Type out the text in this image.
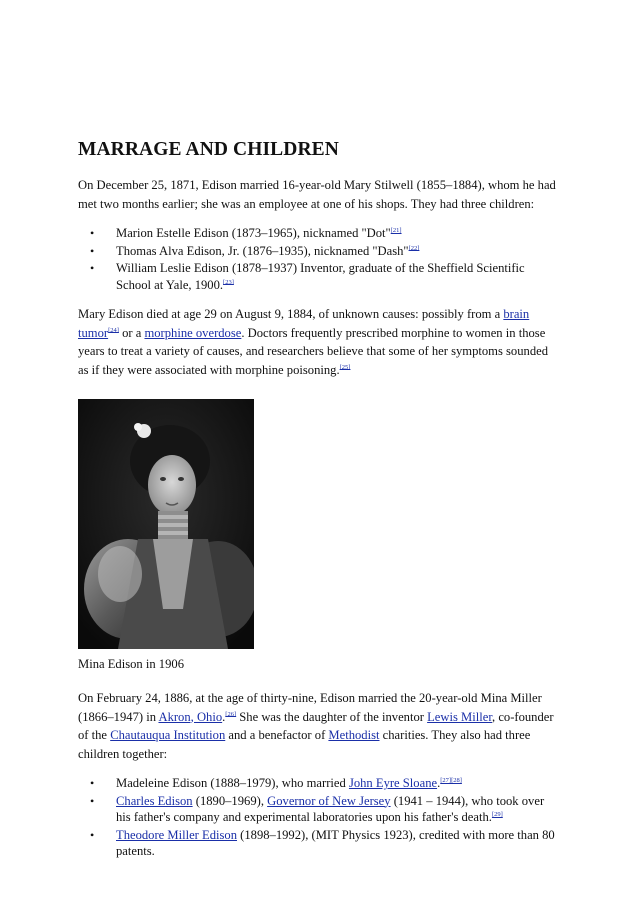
MARRAGE AND CHILDREN

On December 25, 1871, Edison married 16-year-old Mary Stilwell (1855–1884), whom he had met two months earlier; she was an employee at one of his shops. They had three children:

• Marion Estelle Edison (1873–1965), nicknamed "Dot"[21]
• Thomas Alva Edison, Jr. (1876–1935), nicknamed "Dash"[22]
• William Leslie Edison (1878–1937) Inventor, graduate of the Sheffield Scientific School at Yale, 1900.[23]

Mary Edison died at age 29 on August 9, 1884, of unknown causes: possibly from a brain tumor[24] or a morphine overdose. Doctors frequently prescribed morphine to women in those years to treat a variety of causes, and researchers believe that some of her symptoms sounded as if they were associated with morphine poisoning.[25]

Mina Edison in 1906

On February 24, 1886, at the age of thirty-nine, Edison married the 20-year-old Mina Miller (1866–1947) in Akron, Ohio.[26] She was the daughter of the inventor Lewis Miller, co-founder of the Chautauqua Institution and a benefactor of Methodist charities. They also had three children together:

• Madeleine Edison (1888–1979), who married John Eyre Sloane.[27][28]
• Charles Edison (1890–1969), Governor of New Jersey (1941 – 1944), who took over his father's company and experimental laboratories upon his father's death.[29]
• Theodore Miller Edison (1898–1992), (MIT Physics 1923), credited with more than 80 patents.
